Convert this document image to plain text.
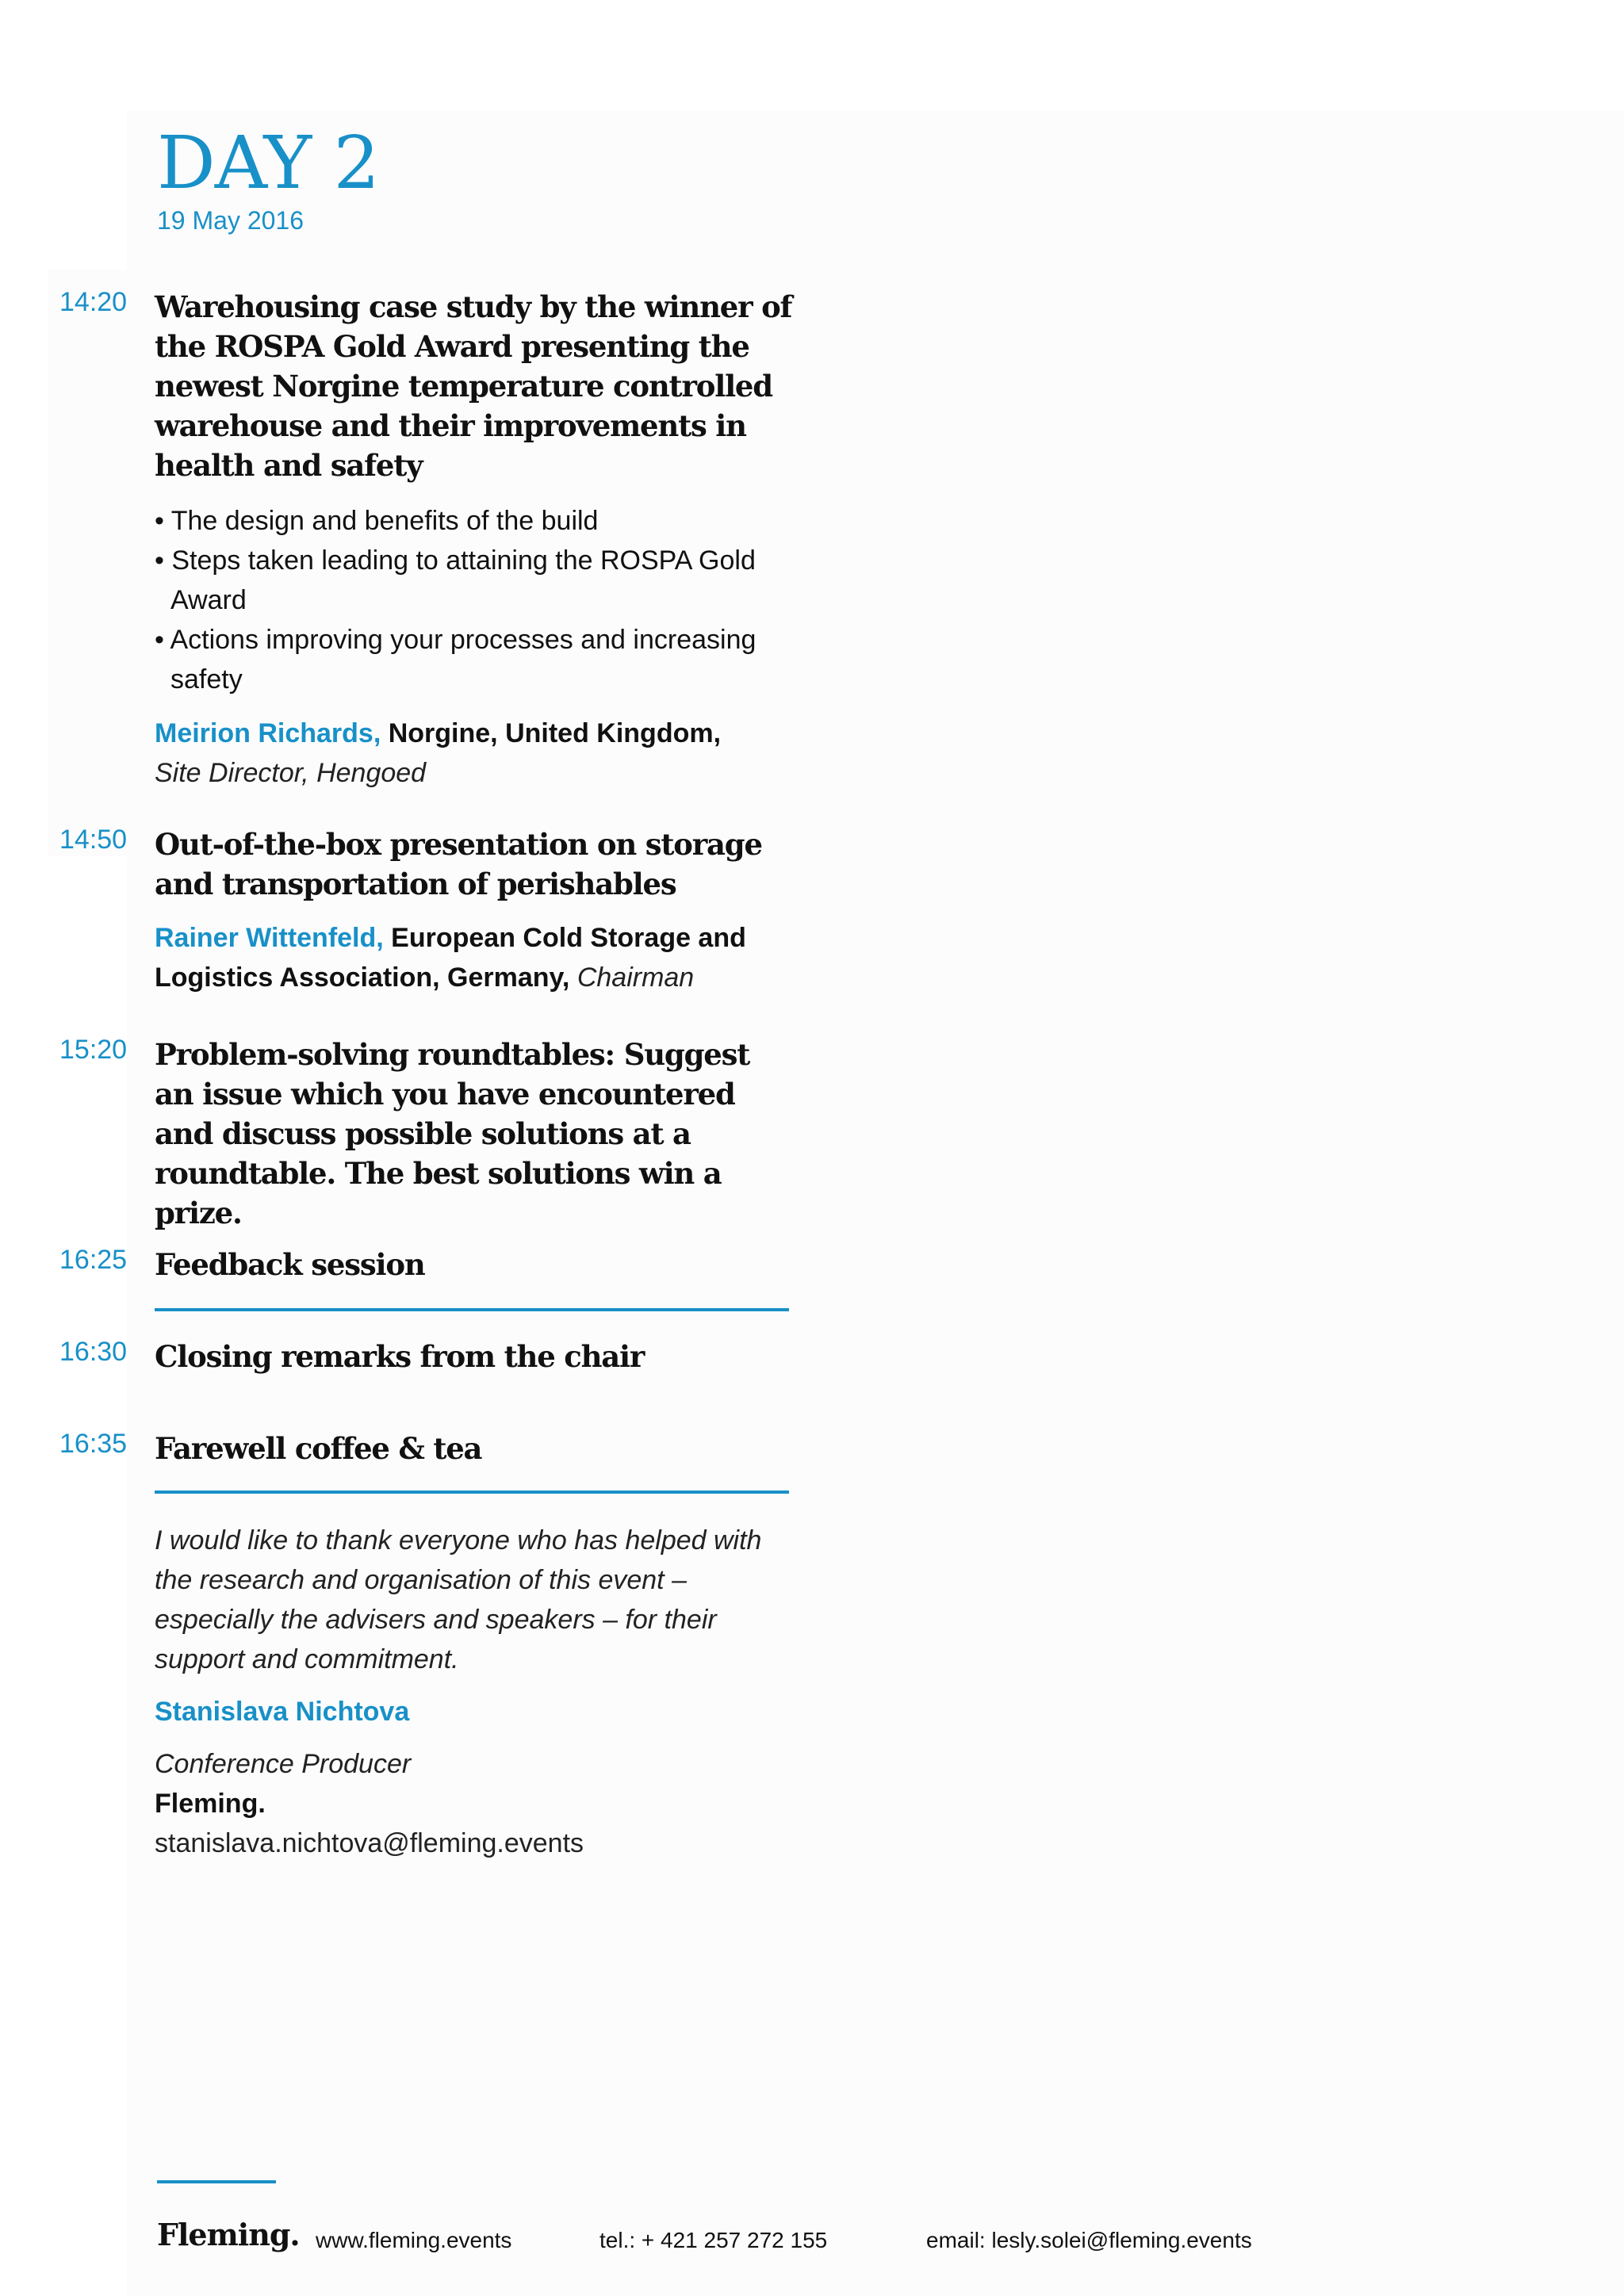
DAY 2
19 May 2016
14:20 Warehousing case study by the winner of the ROSPA Gold Award presenting the newest Norgine temperature controlled warehouse and their improvements in health and safety
• The design and benefits of the build
• Steps taken leading to attaining the ROSPA Gold Award
• Actions improving your processes and increasing safety
Meirion Richards, Norgine, United Kingdom,
Site Director, Hengoed
14:50 Out-of-the-box presentation on storage and transportation of perishables
Rainer Wittenfeld, European Cold Storage and Logistics Association, Germany, Chairman
15:20 Problem-solving roundtables: Suggest an issue which you have encountered and discuss possible solutions at a roundtable. The best solutions win a prize.
16:25 Feedback session
16:30 Closing remarks from the chair
16:35 Farewell coffee & tea
I would like to thank everyone who has helped with the research and organisation of this event – especially the advisers and speakers – for their support and commitment.
Stanislava Nichtova
Conference Producer
Fleming.
stanislava.nichtova@fleming.events
Fleming. www.fleming.events	tel.: + 421 257 272 155	email: lesly.solei@fleming.events
